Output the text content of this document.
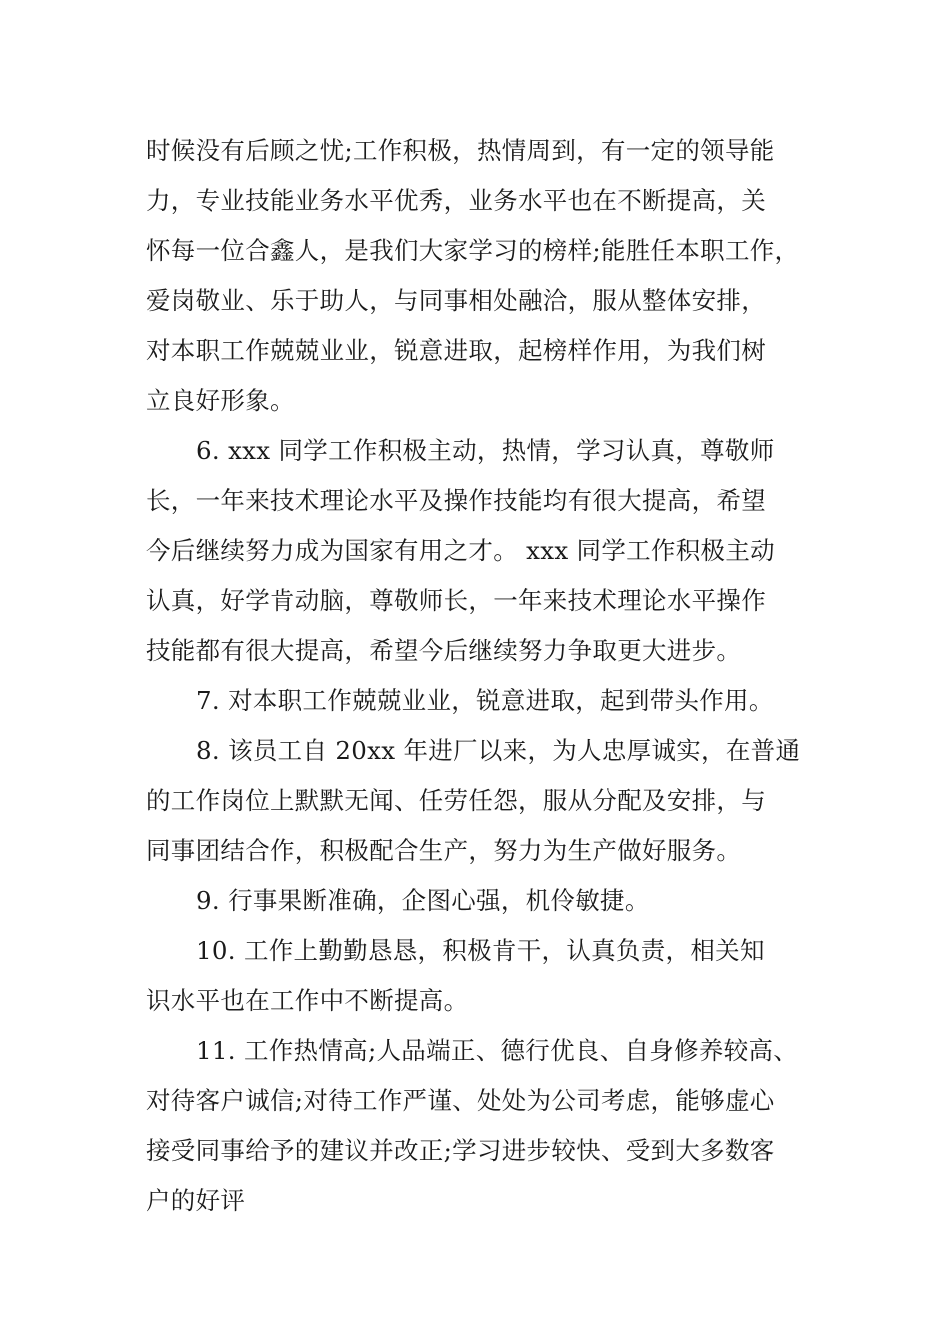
时候没有后顾之忧;工作积极，热情周到，有一定的领导能
力，专业技能业务水平优秀，业务水平也在不断提高，关
怀每一位合鑫人，是我们大家学习的榜样;能胜任本职工作，
爱岗敬业、乐于助人，与同事相处融洽，服从整体安排，
对本职工作兢兢业业，锐意进取，起榜样作用，为我们树
立良好形象。
6. xxx 同学工作积极主动，热情，学习认真，尊敬师
长，一年来技术理论水平及操作技能均有很大提高，希望
今后继续努力成为国家有用之才。 xxx 同学工作积极主动
认真，好学肯动脑，尊敬师长，一年来技术理论水平操作
技能都有很大提高，希望今后继续努力争取更大进步。
7. 对本职工作兢兢业业，锐意进取，起到带头作用。
8. 该员工自 20xx 年进厂以来，为人忠厚诚实，在普通
的工作岗位上默默无闻、任劳任怨，服从分配及安排，与
同事团结合作，积极配合生产，努力为生产做好服务。
9. 行事果断准确，企图心强，机伶敏捷。
10. 工作上勤勤恳恳，积极肯干，认真负责，相关知
识水平也在工作中不断提高。
11. 工作热情高;人品端正、德行优良、自身修养较高、
对待客户诚信;对待工作严谨、处处为公司考虑，能够虚心
接受同事给予的建议并改正;学习进步较快、受到大多数客
户的好评
